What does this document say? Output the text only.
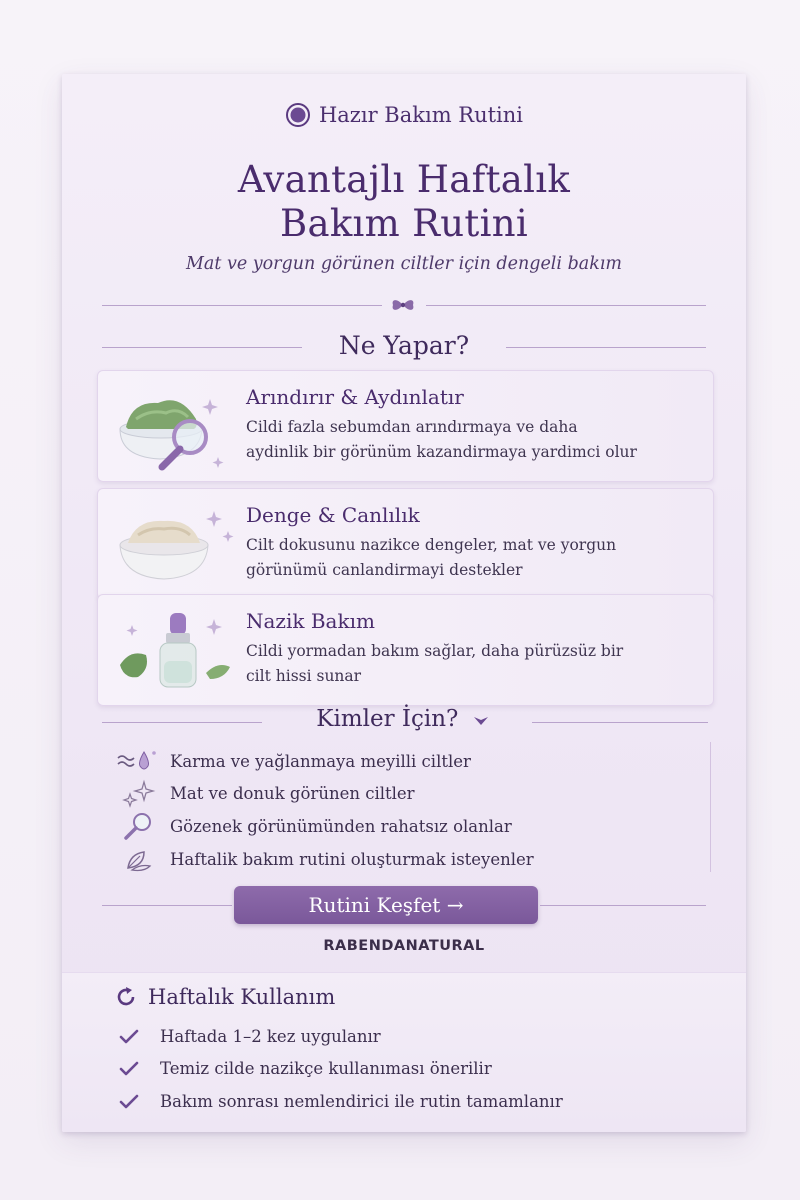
Hazır Bakım Rutini
Avantajlı Haftalık
Bakım Rutini
Mat ve yorgun görünen ciltler için dengeli bakım
Ne Yapar?
Arındırır & Aydınlatır
Cildi fazla sebumdan arındırmaya ve daha
aydinlik bir görünüm kazandirmaya yardimci olur
Denge & Canlılık
Cilt dokusunu nazikce dengeler, mat ve yorgun
görünümü canlandirmayi destekler
Nazik Bakım
Cildi yormadan bakım sağlar, daha pürüzsüz bir
cilt hissi sunar
Kimler İçin?
Karma ve yağlanmaya meyilli ciltler
Mat ve donuk görünen ciltler
Gözenek görünümünden rahatsız olanlar
Haftalik bakım rutini oluşturmak isteyenler
Rutini Keşfet →
RABENDANATURAL
Haftalık Kullanım
Haftada 1–2 kez uygulanır
Temiz cilde nazikçe kullanıması önerilir
Bakım sonrası nemlendirici ile rutin tamamlanır
